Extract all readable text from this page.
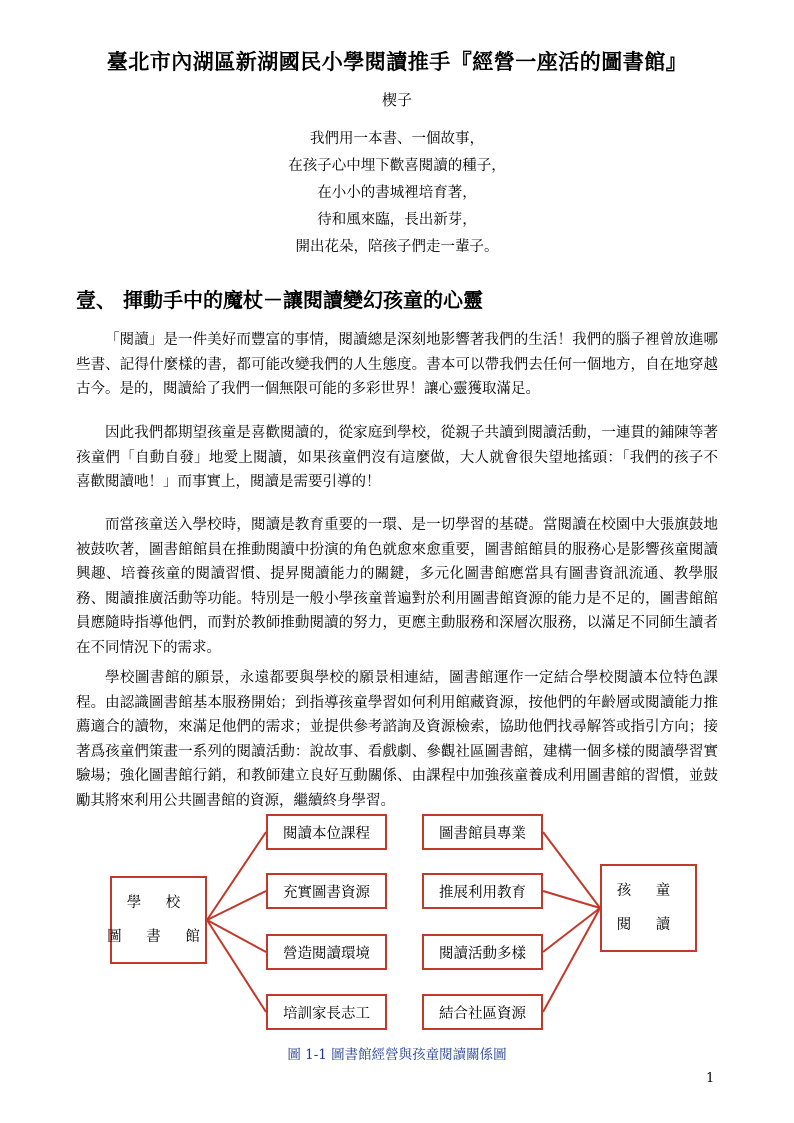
臺北市內湖區新湖國民小學閱讀推手『經營一座活的圖書館』
楔子
我們用一本書、一個故事，
在孩子心中埋下歡喜閱讀的種子，
在小小的書城裡培育著，
待和風來臨，長出新芽，
開出花朵，陪孩子們走一輩子。
壹、 揮動手中的魔杖－讓閱讀變幻孩童的心靈

「閱讀」是一件美好而豐富的事情，閱讀總是深刻地影響著我們的生活！我們的腦子裡曾放進哪些書、記得什麼樣的書，都可能改變我們的人生態度。書本可以帶我們去任何一個地方，自在地穿越古今。是的，閱讀給了我們一個無限可能的多彩世界！讓心靈獲取滿足。

因此我們都期望孩童是喜歡閱讀的，從家庭到學校，從親子共讀到閱讀活動，一連貫的鋪陳等著孩童們「自動自發」地愛上閱讀，如果孩童們沒有這麼做，大人就會很失望地搖頭：「我們的孩子不喜歡閱讀吔！」而事實上，閱讀是需要引導的！

而當孩童送入學校時，閱讀是教育重要的一環、是一切學習的基礎。當閱讀在校園中大張旗鼓地被鼓吹著，圖書館館員在推動閱讀中扮演的角色就愈來愈重要，圖書館館員的服務心是影響孩童閱讀興趣、培養孩童的閱讀習慣、提昇閱讀能力的關鍵，多元化圖書館應當具有圖書資訊流通、教學服務、閱讀推廣活動等功能。特別是一般小學孩童普遍對於利用圖書館資源的能力是不足的，圖書館館員應隨時指導他們，而對於教師推動閱讀的努力，更應主動服務和深層次服務，以滿足不同師生讀者在不同情況下的需求。

學校圖書館的願景，永遠都要與學校的願景相連結，圖書館運作一定結合學校閱讀本位特色課程。由認識圖書館基本服務開始；到指導孩童學習如何利用館藏資源，按他們的年齡層或閱讀能力推薦適合的讀物，來滿足他們的需求；並提供參考諮詢及資源檢索，協助他們找尋解答或指引方向；接著爲孩童們策畫一系列的閱讀活動：說故事、看戲劇、參觀社區圖書館，建構一個多樣的閱讀學習實驗場；強化圖書館行銷，和教師建立良好互動關係、由課程中加強孩童養成利用圖書館的習慣，並鼓勵其將來利用公共圖書館的資源，繼續終身學習。

學 校
圖 書 館
閱讀本位課程
充實圖書資源
營造閱讀環境
培訓家長志工
圖書館員專業
推展利用教育
閱讀活動多樣
結合社區資源
孩 童
閱 讀
圖 1-1 圖書館經營與孩童閱讀關係圖
1
